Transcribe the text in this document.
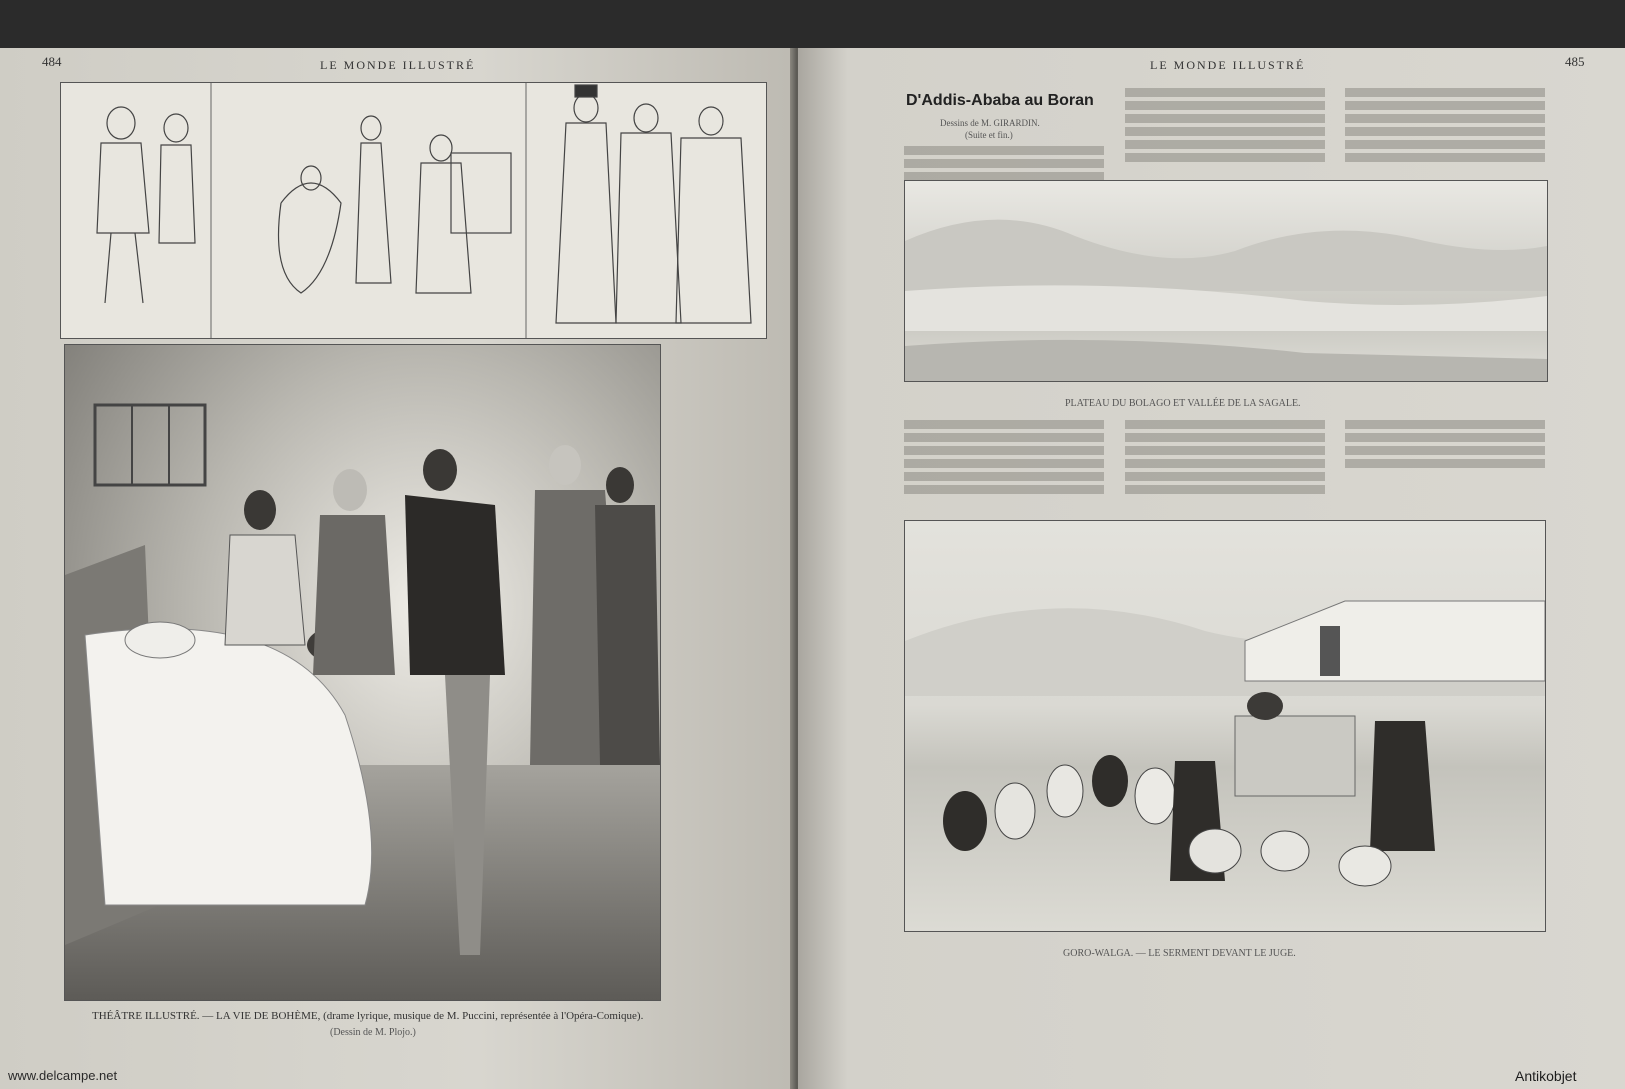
484	LE MONDE ILLUSTRÉ
THÉÂTRE ILLUSTRÉ. — LA VIE DE BOHÈME, (drame lyrique, musique de M. Puccini, représentée à l'Opéra-Comique).
(Dessin de M. Plojo.)
LE MONDE ILLUSTRÉ	485
D'Addis-Ababa au Boran
Dessins de M. GIRARDIN.
(Suite et fin.)
PLATEAU DU BOLAGO ET VALLÉE DE LA SAGALE.
GORO-WALGA. — LE SERMENT DEVANT LE JUGE.
www.delcampe.net	Antikobjet
